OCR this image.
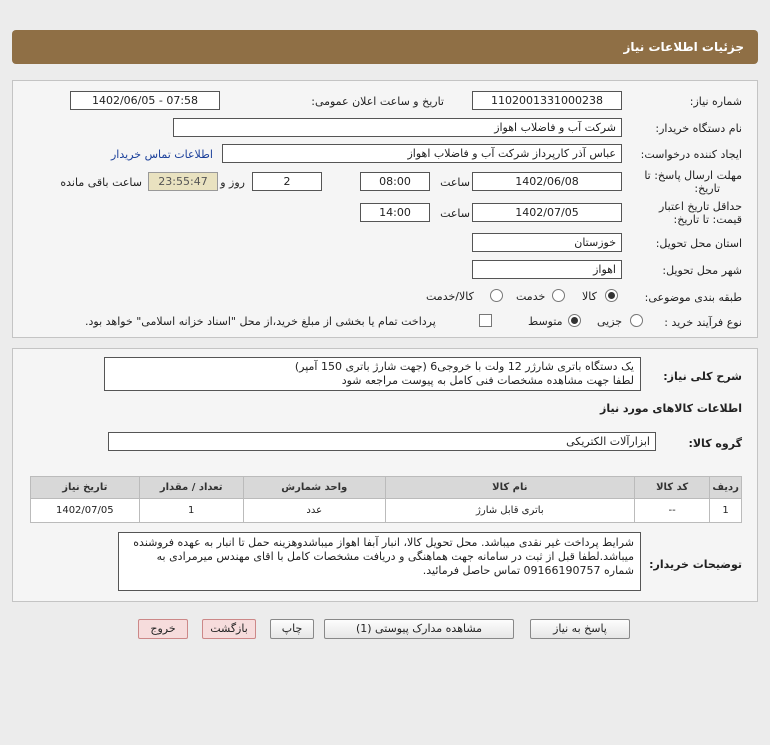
جزئیات اطلاعات نیاز
شماره نیاز:
1102001331000238
تاریخ و ساعت اعلان عمومی:
1402/06/05 - 07:58
نام دستگاه خریدار:
شرکت آب و فاضلاب اهواز
ایجاد کننده درخواست:
عباس آذر کارپرداز شرکت آب و فاضلاب اهواز
اطلاعات تماس خریدار
مهلت ارسال پاسخ: تا
تاریخ:
1402/06/08
ساعت
08:00
2
روز و
23:55:47
ساعت باقی مانده
حداقل تاریخ اعتبار
قیمت: تا تاریخ:
1402/07/05
ساعت
14:00
استان محل تحویل:
خوزستان
شهر محل تحویل:
اهواز
طبقه بندی موضوعی:
کالا
خدمت
کالا/خدمت
نوع فرآیند خرید :
جزیی
متوسط
پرداخت تمام یا بخشی از مبلغ خرید،از محل "اسناد خزانه اسلامی" خواهد بود.
شرح کلی نیاز:
یک دستگاه باتری شارژر 12 ولت با خروجی6 (جهت شارژ باتری 150 آمپر)
لطفا جهت مشاهده مشخصات فنی کامل به پیوست مراجعه شود
اطلاعات کالاهای مورد نیاز
گروه کالا:
ابزارآلات الکتریکی
ردیف	کد کالا	نام کالا	واحد شمارش	تعداد / مقدار	تاریخ نیاز
1	--	باتری قابل شارژ	عدد	1	1402/07/05
توضیحات خریدار:
شرایط پرداخت غیر نقدی میباشد. محل تحویل کالا، انبار آبفا اهواز میباشدوهزینه حمل تا انبار به عهده فروشنده میباشد.لطفا قبل از ثبت در سامانه جهت هماهنگی و دریافت مشخصات کامل با اقای مهندس میرمرادی به شماره 09166190757 تماس حاصل فرمائید.
پاسخ به نیاز
مشاهده مدارک پیوستی (1)
چاپ
بازگشت
خروج
